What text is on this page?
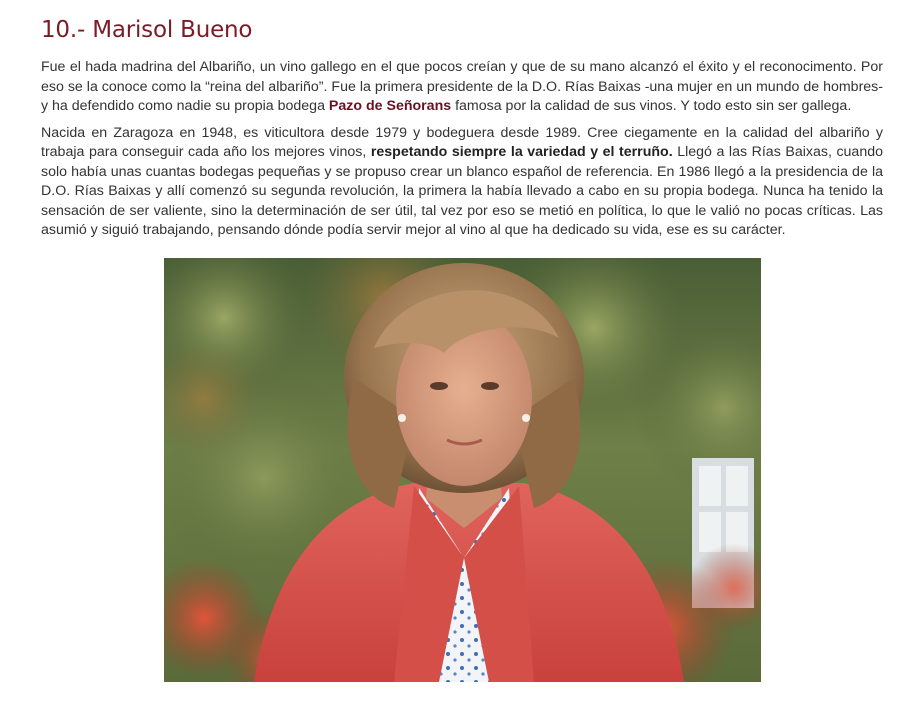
10.- Marisol Bueno

Fue el hada madrina del Albariño, un vino gallego en el que pocos creían y que de su mano alcanzó el éxito y el reconocimento. Por eso se la conoce como la “reina del albariño”. Fue la primera presidente de la D.O. Rías Baixas -una mujer en un mundo de hombres- y ha defendido como nadie su propia bodega Pazo de Señorans famosa por la calidad de sus vinos. Y todo esto sin ser gallega.

Nacida en Zaragoza en 1948, es viticultora desde 1979 y bodeguera desde 1989. Cree ciegamente en la calidad del albariño y trabaja para conseguir cada año los mejores vinos, respetando siempre la variedad y el terruño. Llegó a las Rías Baixas, cuando solo había unas cuantas bodegas pequeñas y se propuso crear un blanco español de referencia. En 1986 llegó a la presidencia de la D.O. Rías Baixas y allí comenzó su segunda revolución, la primera la había llevado a cabo en su propia bodega. Nunca ha tenido la sensación de ser valiente, sino la determinación de ser útil, tal vez por eso se metió en política, lo que le valió no pocas críticas. Las asumió y siguió trabajando, pensando dónde podía servir mejor al vino al que ha dedicado su vida, ese es su carácter.
